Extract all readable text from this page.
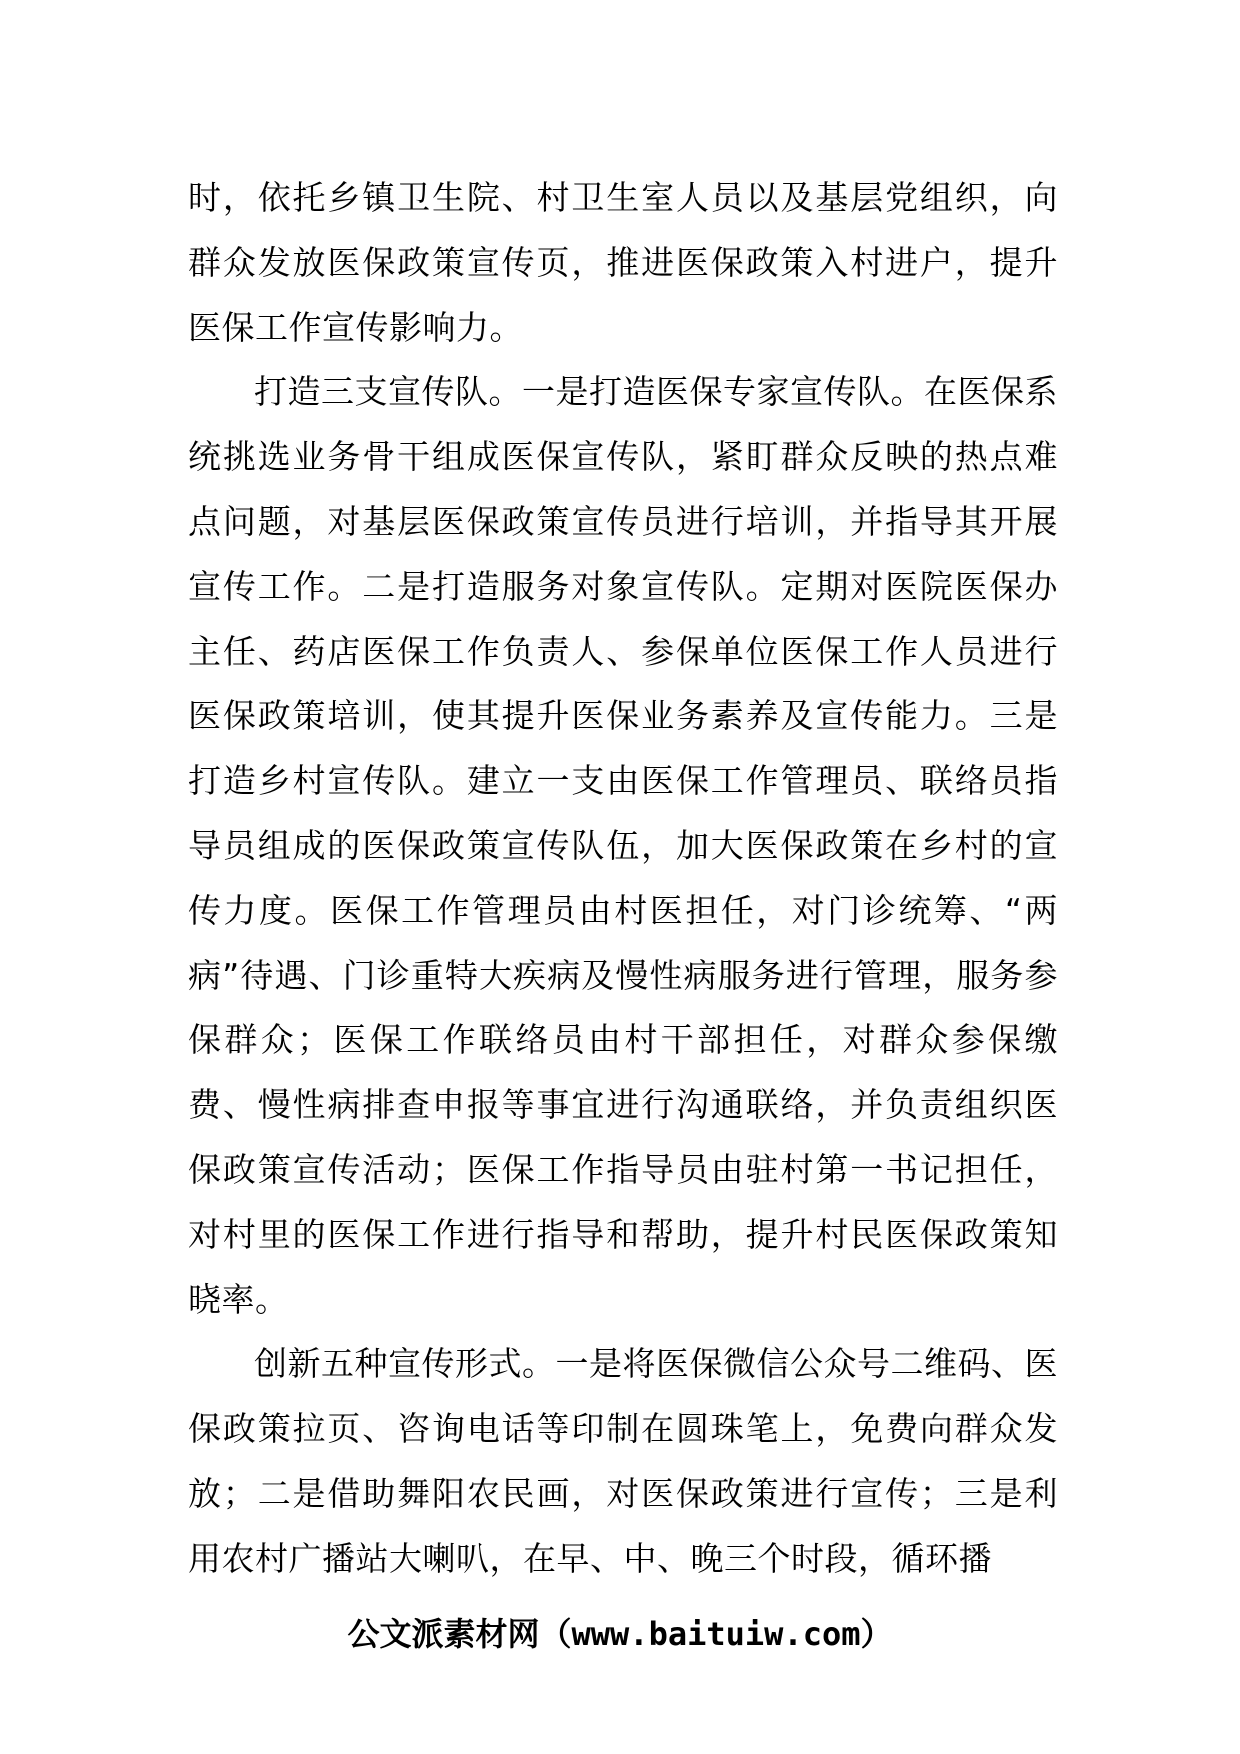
时，依托乡镇卫生院、村卫生室人员以及基层党组织，向群众发放医保政策宣传页，推进医保政策入村进户，提升医保工作宣传影响力。

打造三支宣传队。一是打造医保专家宣传队。在医保系统挑选业务骨干组成医保宣传队，紧盯群众反映的热点难点问题，对基层医保政策宣传员进行培训，并指导其开展宣传工作。二是打造服务对象宣传队。定期对医院医保办主任、药店医保工作负责人、参保单位医保工作人员进行医保政策培训，使其提升医保业务素养及宣传能力。三是打造乡村宣传队。建立一支由医保工作管理员、联络员指导员组成的医保政策宣传队伍，加大医保政策在乡村的宣传力度。医保工作管理员由村医担任，对门诊统筹、“两病”待遇、门诊重特大疾病及慢性病服务进行管理，服务参保群众；医保工作联络员由村干部担任，对群众参保缴费、慢性病排查申报等事宜进行沟通联络，并负责组织医保政策宣传活动；医保工作指导员由驻村第一书记担任，对村里的医保工作进行指导和帮助，提升村民医保政策知晓率。

创新五种宣传形式。一是将医保微信公众号二维码、医保政策拉页、咨询电话等印制在圆珠笔上，免费向群众发放；二是借助舞阳农民画，对医保政策进行宣传；三是利用农村广播站大喇叭，在早、中、晚三个时段，循环播

公文派素材网（www.baituiw.com）
